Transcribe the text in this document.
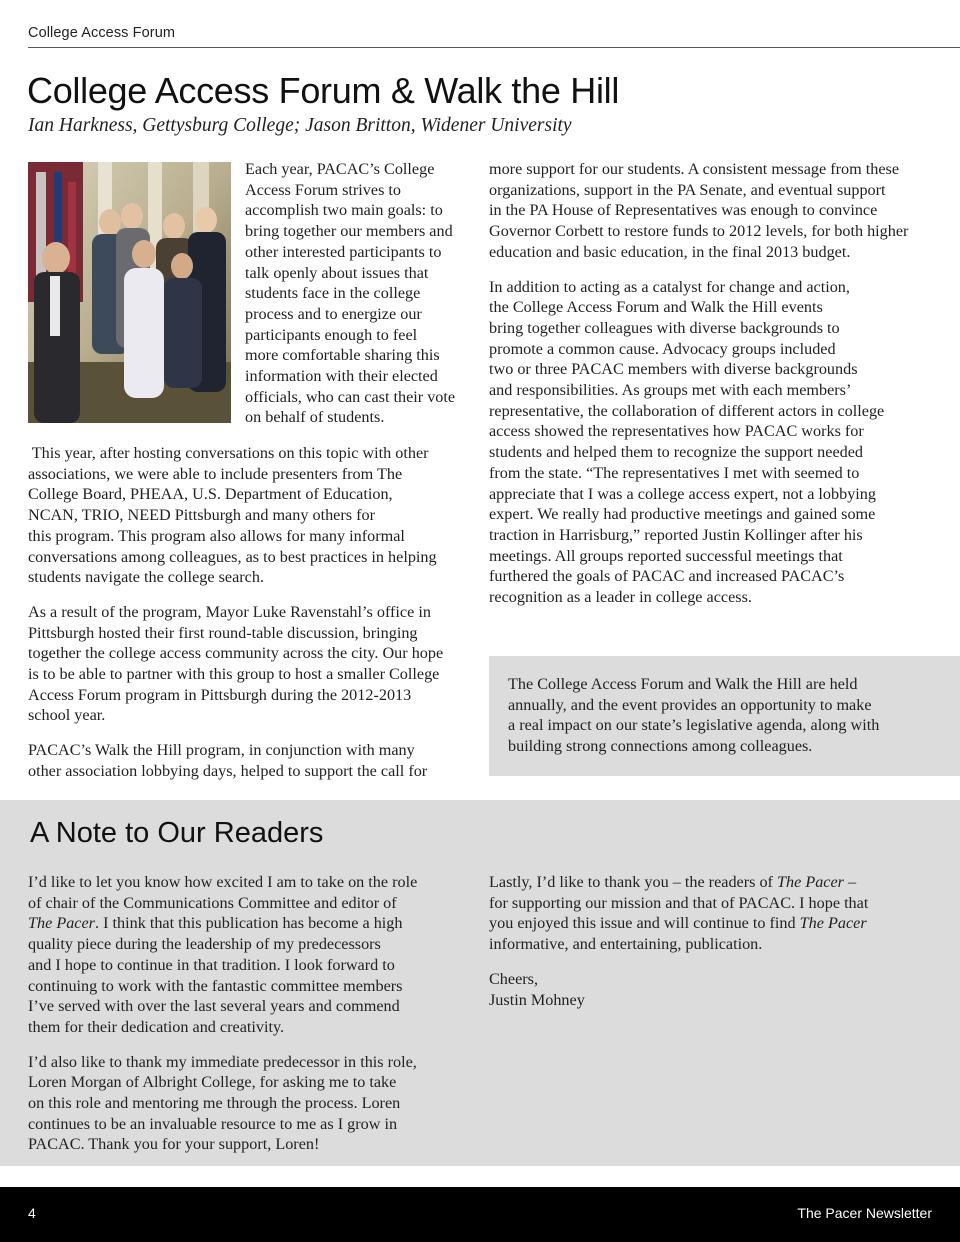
College Access Forum
College Access Forum & Walk the Hill
Ian Harkness, Gettysburg College; Jason Britton, Widener University
Each year, PACAC’s College
Access Forum strives to
accomplish two main goals: to
bring together our members and
other interested participants to
talk openly about issues that
students face in the college
process and to energize our
participants enough to feel
more comfortable sharing this
information with their elected
officials, who can cast their vote
on behalf of students.
This year, after hosting conversations on this topic with other
associations, we were able to include presenters from The
College Board, PHEAA, U.S. Department of Education,
NCAN, TRIO, NEED Pittsburgh and many others for
this program. This program also allows for many informal
conversations among colleagues, as to best practices in helping
students navigate the college search.
As a result of the program, Mayor Luke Ravenstahl’s office in
Pittsburgh hosted their first round-table discussion, bringing
together the college access community across the city. Our hope
is to be able to partner with this group to host a smaller College
Access Forum program in Pittsburgh during the 2012-2013
school year.
PACAC’s Walk the Hill program, in conjunction with many
other association lobbying days, helped to support the call for
more support for our students. A consistent message from these
organizations, support in the PA Senate, and eventual support
in the PA House of Representatives was enough to convince
Governor Corbett to restore funds to 2012 levels, for both higher
education and basic education, in the final 2013 budget.
In addition to acting as a catalyst for change and action,
the College Access Forum and Walk the Hill events
bring together colleagues with diverse backgrounds to
promote a common cause. Advocacy groups included
two or three PACAC members with diverse backgrounds
and responsibilities. As groups met with each members’
representative, the collaboration of different actors in college
access showed the representatives how PACAC works for
students and helped them to recognize the support needed
from the state. “The representatives I met with seemed to
appreciate that I was a college access expert, not a lobbying
expert. We really had productive meetings and gained some
traction in Harrisburg,” reported Justin Kollinger after his
meetings. All groups reported successful meetings that
furthered the goals of PACAC and increased PACAC’s
recognition as a leader in college access.
The College Access Forum and Walk the Hill are held
annually, and the event provides an opportunity to make
a real impact on our state’s legislative agenda, along with
building strong connections among colleagues.
A Note to Our Readers
I’d like to let you know how excited I am to take on the role
of chair of the Communications Committee and editor of
The Pacer. I think that this publication has become a high
quality piece during the leadership of my predecessors
and I hope to continue in that tradition. I look forward to
continuing to work with the fantastic committee members
I’ve served with over the last several years and commend
them for their dedication and creativity.
I’d also like to thank my immediate predecessor in this role,
Loren Morgan of Albright College, for asking me to take
on this role and mentoring me through the process. Loren
continues to be an invaluable resource to me as I grow in
PACAC. Thank you for your support, Loren!
Lastly, I’d like to thank you – the readers of The Pacer –
for supporting our mission and that of PACAC. I hope that
you enjoyed this issue and will continue to find The Pacer
informative, and entertaining, publication.
Cheers,
Justin Mohney
4	The Pacer Newsletter
